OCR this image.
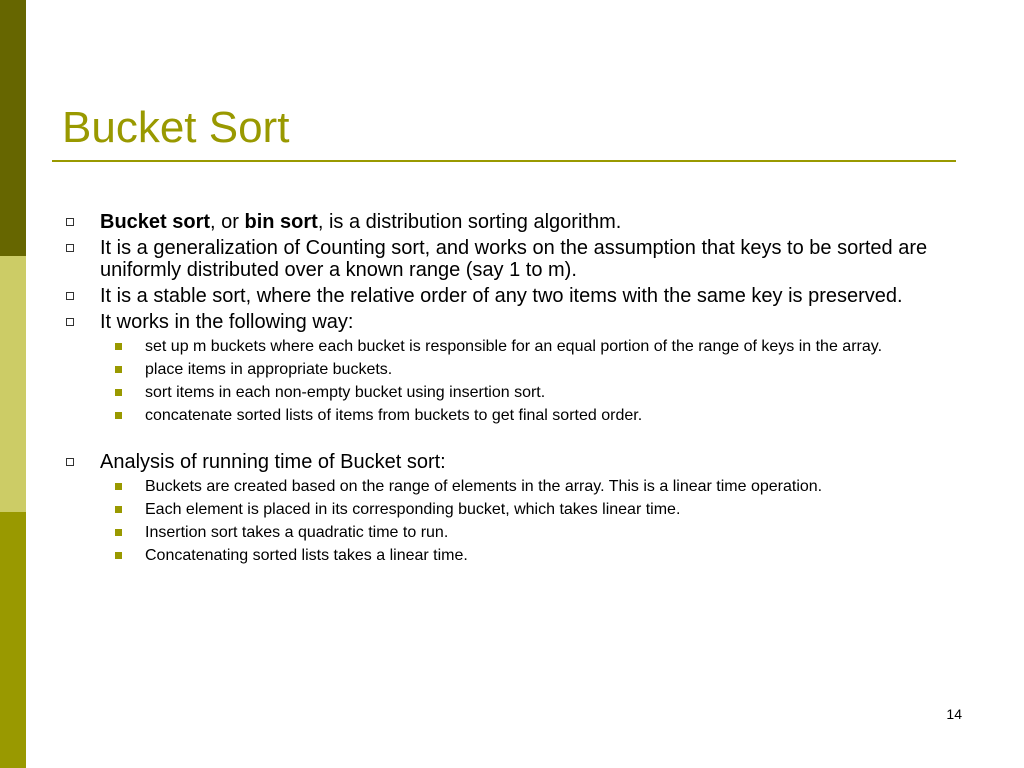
Bucket Sort
Bucket sort, or bin sort, is a distribution sorting algorithm.
It is a generalization of Counting sort, and works on the assumption that keys to be sorted are uniformly distributed over a known range (say 1 to m).
It is a stable sort, where the relative order of any two items with the same key is preserved.
It works in the following way:
set up m buckets where each bucket is responsible for an equal portion of the range of keys in the array.
place items in appropriate buckets.
sort items in each non-empty bucket using insertion sort.
concatenate sorted lists of items from buckets to get final sorted order.
Analysis of running time of Bucket sort:
Buckets are created based on the range of elements in the array. This is a linear time operation.
Each element is placed in its corresponding bucket, which takes linear time.
Insertion sort takes a quadratic time to run.
Concatenating sorted lists takes a linear time.
14
